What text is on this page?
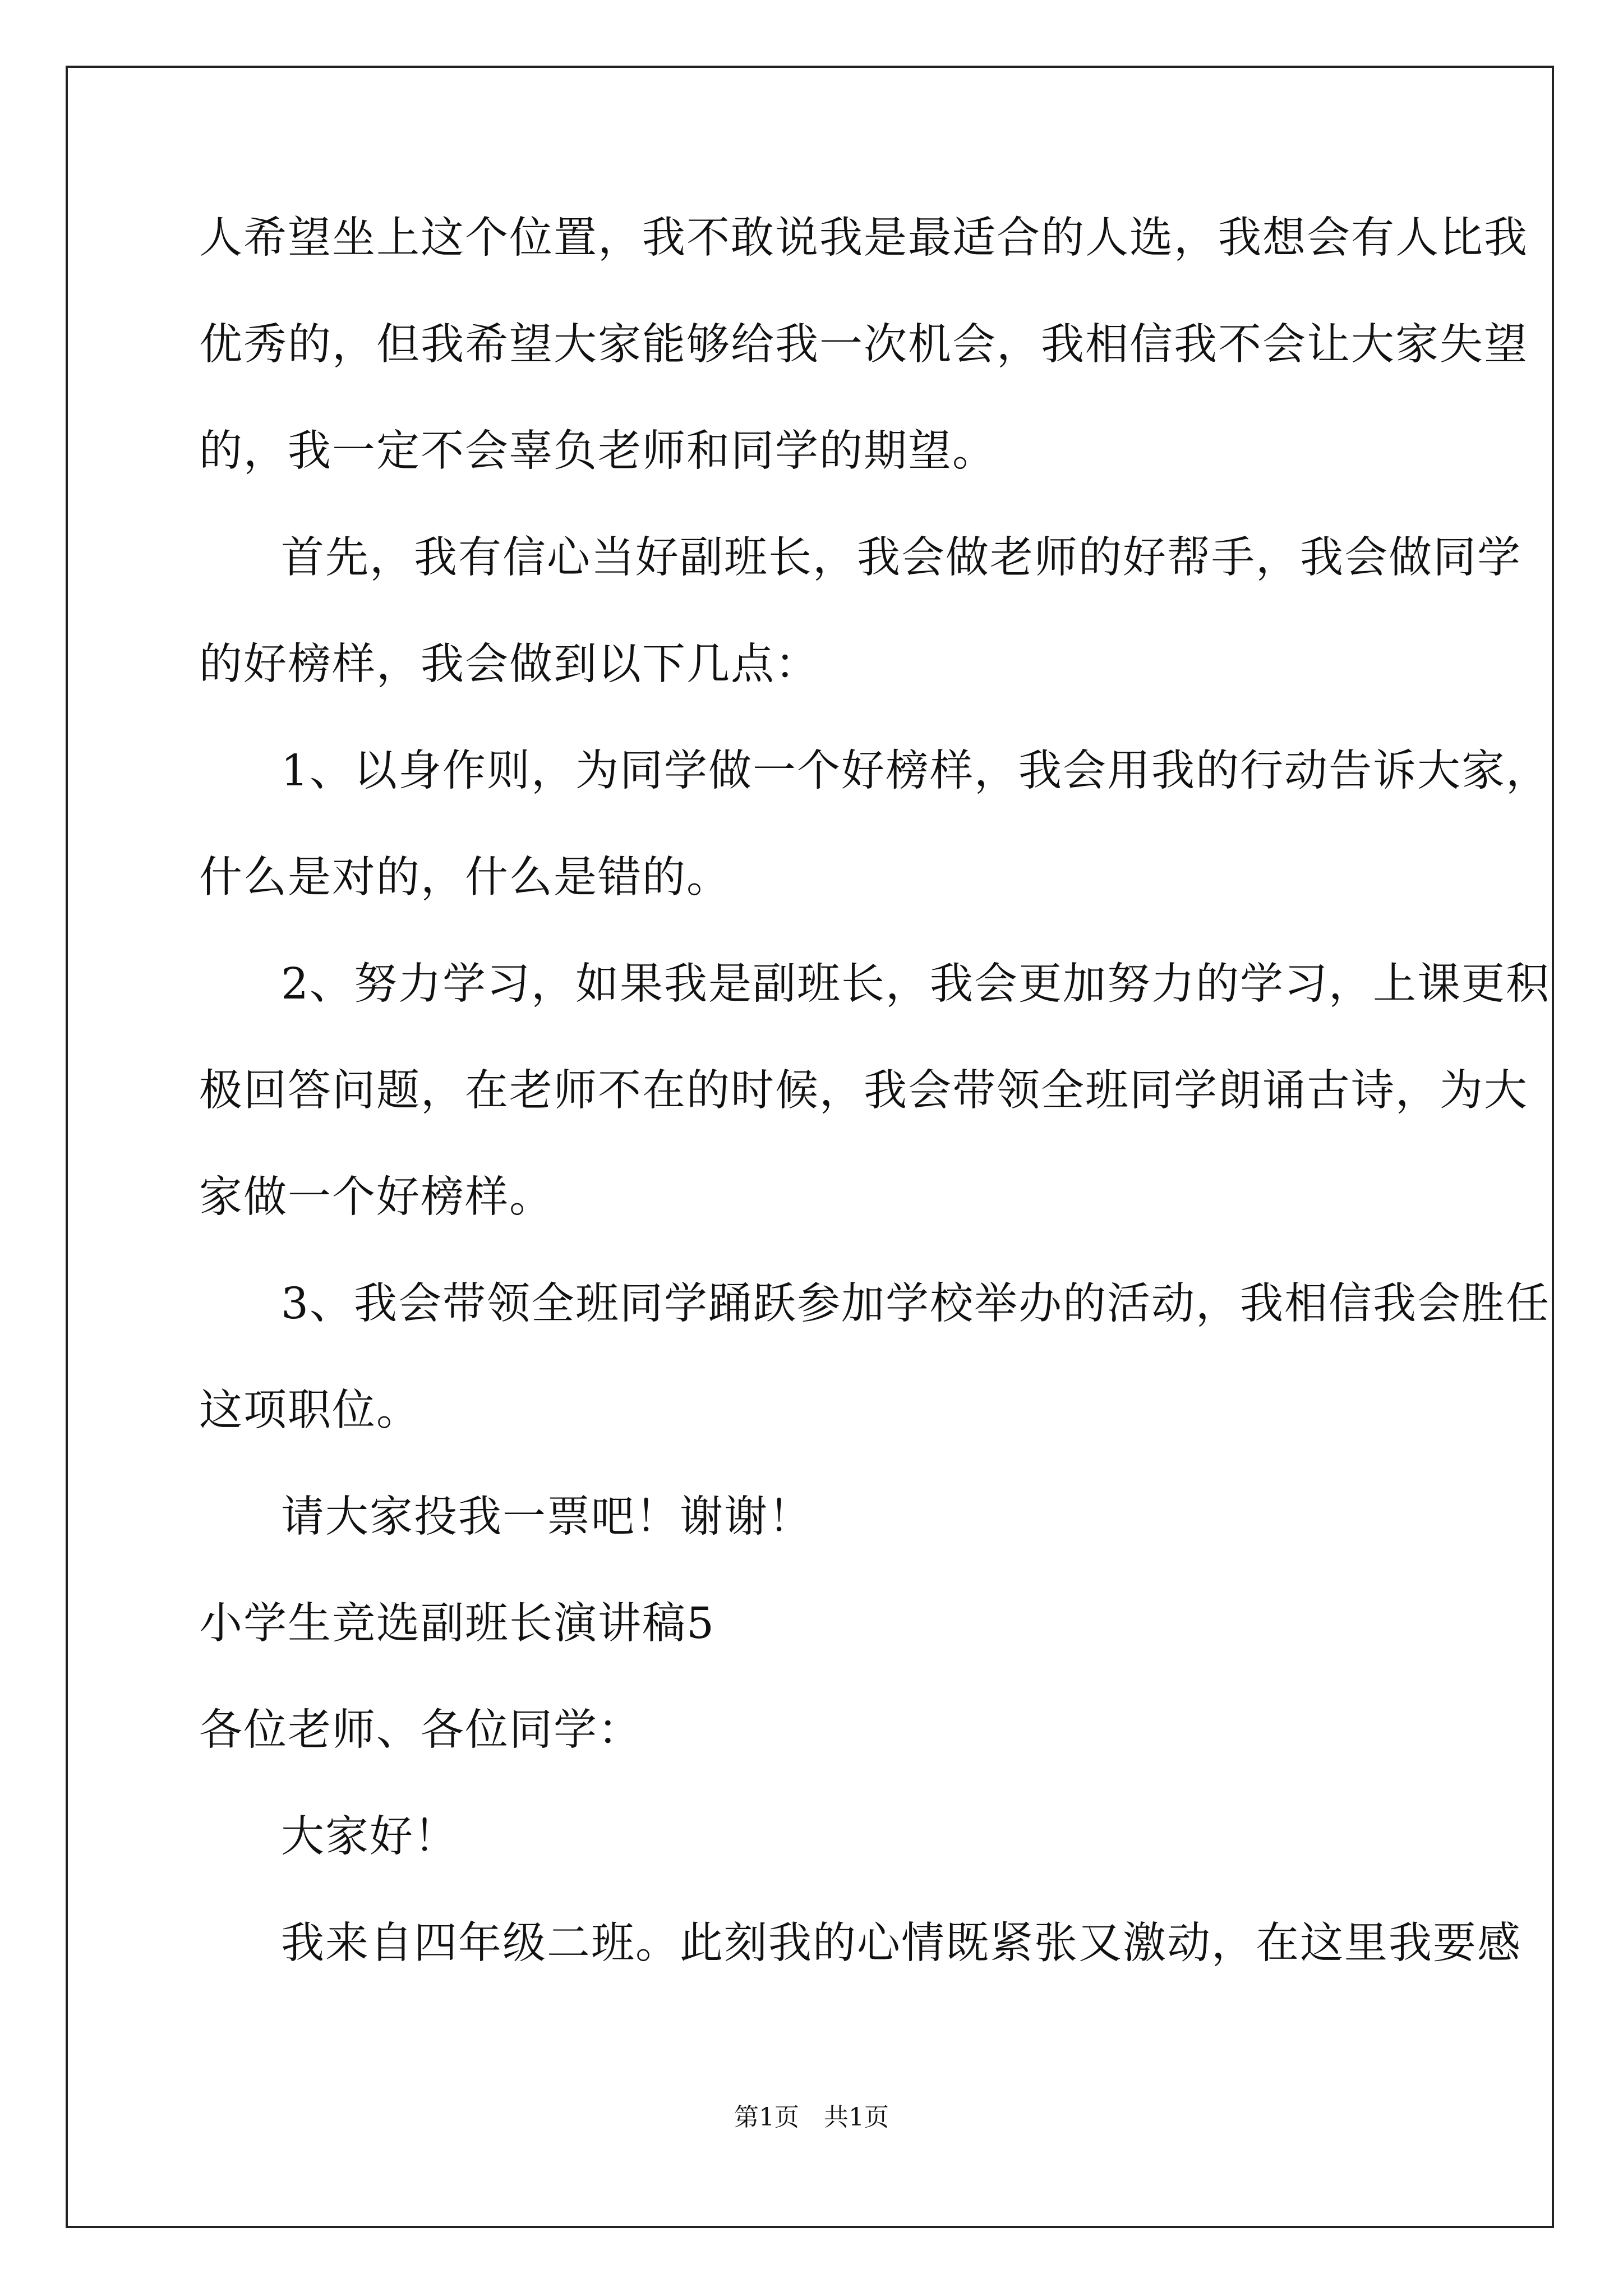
人希望坐上这个位置，我不敢说我是最适合的人选，我想会有人比我
优秀的，但我希望大家能够给我一次机会，我相信我不会让大家失望
的，我一定不会辜负老师和同学的期望。
首先，我有信心当好副班长，我会做老师的好帮手，我会做同学
的好榜样，我会做到以下几点：
1、以身作则，为同学做一个好榜样，我会用我的行动告诉大家，
什么是对的，什么是错的。
2、努力学习，如果我是副班长，我会更加努力的学习，上课更积
极回答问题，在老师不在的时候，我会带领全班同学朗诵古诗，为大
家做一个好榜样。
3、我会带领全班同学踊跃参加学校举办的活动，我相信我会胜任
这项职位。
请大家投我一票吧！谢谢！
小学生竞选副班长演讲稿5
各位老师、各位同学：
大家好！
我来自四年级二班。此刻我的心情既紧张又激动，在这里我要感
第1页　共1页
